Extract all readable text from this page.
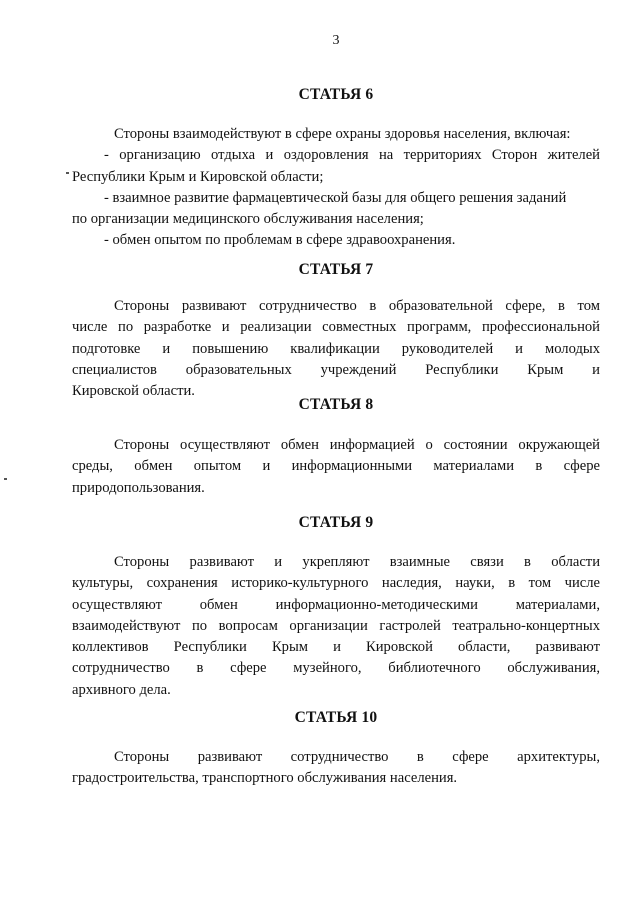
3
СТАТЬЯ 6
Стороны взаимодействуют в сфере охраны здоровья населения, включая:
- организацию отдыха и оздоровления на территориях Сторон жителей
Республики Крым и Кировской области;
- взаимное развитие фармацевтической базы для общего решения заданий
по организации медицинского обслуживания населения;
- обмен опытом по проблемам в сфере здравоохранения.
СТАТЬЯ 7
Стороны развивают сотрудничество в образовательной сфере, в том
числе по разработке и реализации совместных программ, профессиональной
подготовке и повышению квалификации руководителей и молодых
специалистов образовательных учреждений Республики Крым и
Кировской области.
СТАТЬЯ 8
Стороны осуществляют обмен информацией о состоянии окружающей
среды, обмен опытом и информационными материалами в сфере
природопользования.
СТАТЬЯ 9
Стороны развивают и укрепляют взаимные связи в области
культуры, сохранения историко-культурного наследия, науки, в том числе
осуществляют обмен информационно-методическими материалами,
взаимодействуют по вопросам организации гастролей театрально-концертных
коллективов Республики Крым и Кировской области, развивают
сотрудничество в сфере музейного, библиотечного обслуживания,
архивного дела.
СТАТЬЯ 10
Стороны развивают сотрудничество в сфере архитектуры,
градостроительства, транспортного обслуживания населения.
